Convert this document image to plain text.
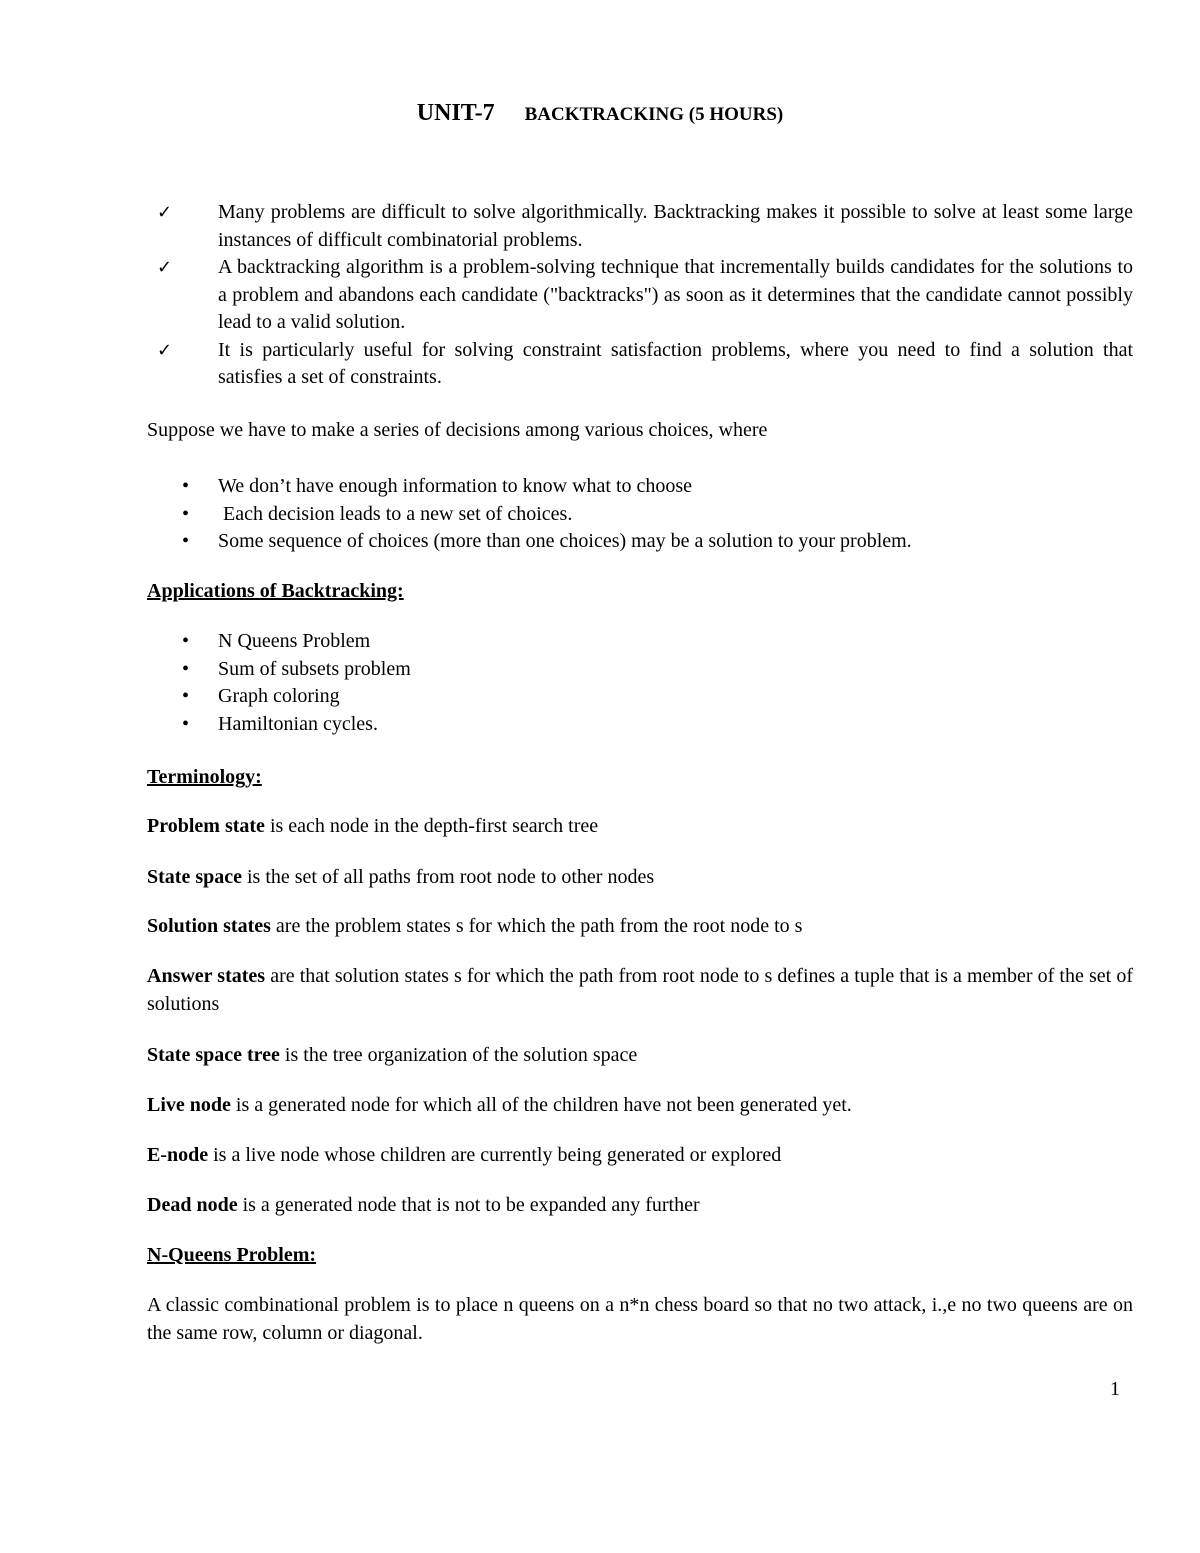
UNIT-7 BACKTRACKING (5 HOURS)
✓ Many problems are difficult to solve algorithmically. Backtracking makes it possible to solve at least some large instances of difficult combinatorial problems.
✓ A backtracking algorithm is a problem-solving technique that incrementally builds candidates for the solutions to a problem and abandons each candidate ("backtracks") as soon as it determines that the candidate cannot possibly lead to a valid solution.
✓ It is particularly useful for solving constraint satisfaction problems, where you need to find a solution that satisfies a set of constraints.
Suppose we have to make a series of decisions among various choices, where
• We don’t have enough information to know what to choose
• Each decision leads to a new set of choices.
• Some sequence of choices (more than one choices) may be a solution to your problem.
Applications of Backtracking:
• N Queens Problem
• Sum of subsets problem
• Graph coloring
• Hamiltonian cycles.
Terminology:
Problem state is each node in the depth-first search tree
State space is the set of all paths from root node to other nodes
Solution states are the problem states s for which the path from the root node to s
Answer states are that solution states s for which the path from root node to s defines a tuple that is a member of the set of solutions
State space tree is the tree organization of the solution space
Live node is a generated node for which all of the children have not been generated yet.
E-node is a live node whose children are currently being generated or explored
Dead node is a generated node that is not to be expanded any further
N-Queens Problem:
A classic combinational problem is to place n queens on a n*n chess board so that no two attack, i.,e no two queens are on the same row, column or diagonal.
1
